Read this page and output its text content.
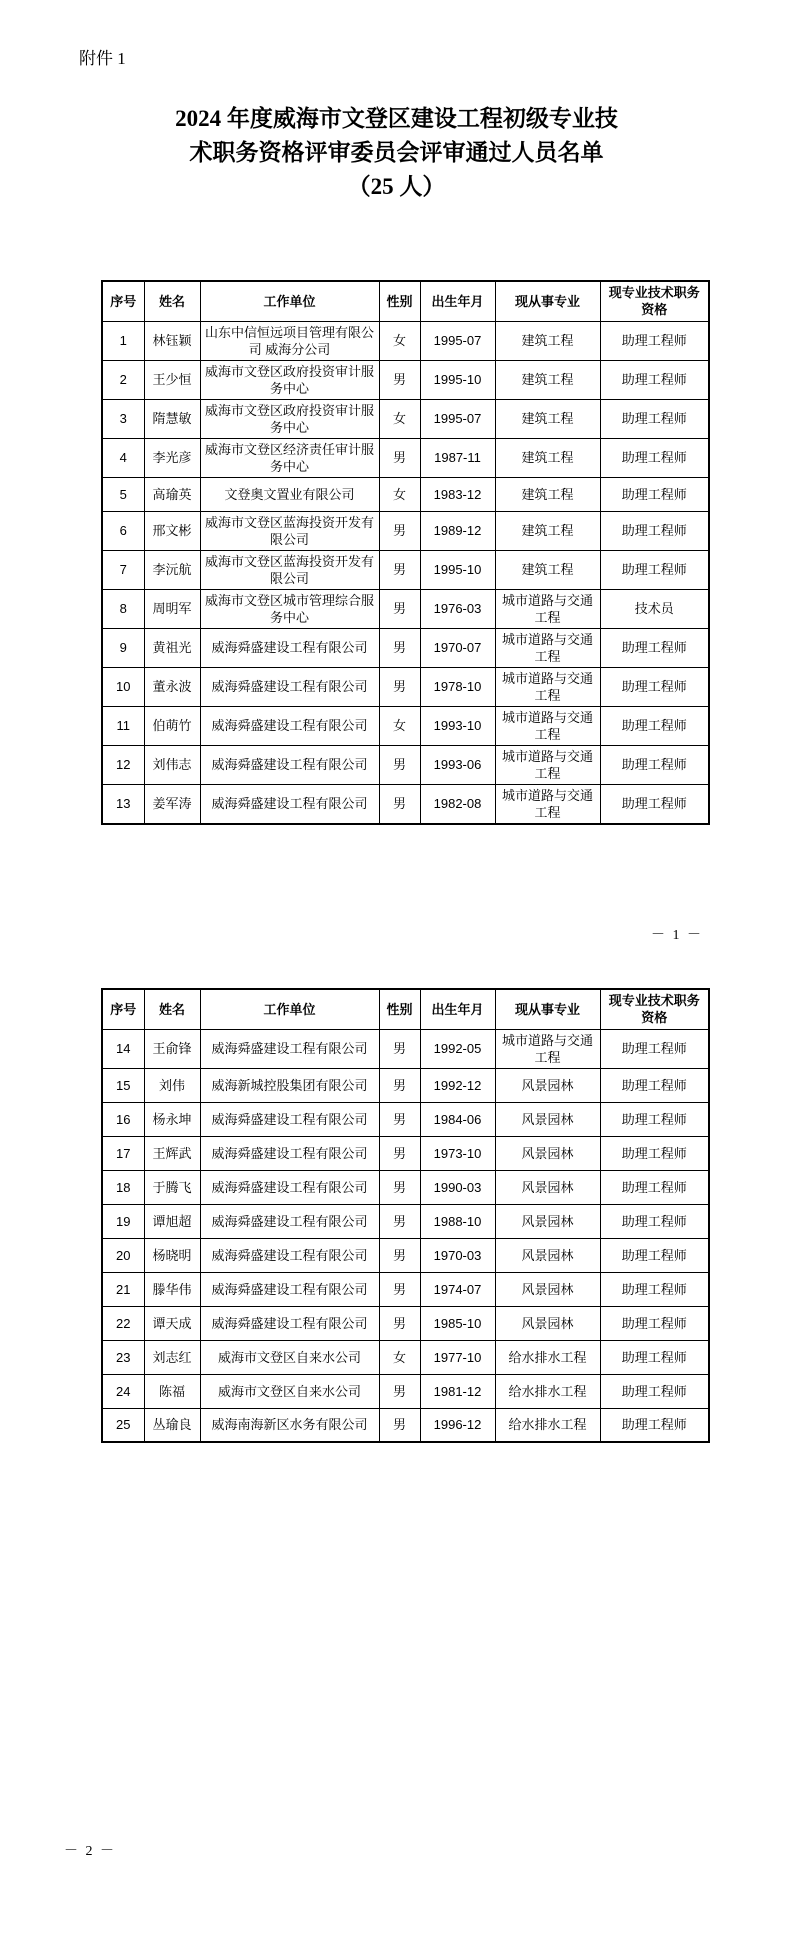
附件 1
2024 年度威海市文登区建设工程初级专业技
术职务资格评审委员会评审通过人员名单
（25 人）
序号	姓名	工作单位	性别	出生年月	现从事专业	现专业技术职务资格
1	林钰颖	山东中信恒远项目管理有限公司 威海分公司	女	1995-07	建筑工程	助理工程师
2	王少恒	威海市文登区政府投资审计服务中心	男	1995-10	建筑工程	助理工程师
3	隋慧敏	威海市文登区政府投资审计服务中心	女	1995-07	建筑工程	助理工程师
4	李光彦	威海市文登区经济责任审计服务中心	男	1987-11	建筑工程	助理工程师
5	高瑜英	文登奥文置业有限公司	女	1983-12	建筑工程	助理工程师
6	邢文彬	威海市文登区蓝海投资开发有限公司	男	1989-12	建筑工程	助理工程师
7	李沅航	威海市文登区蓝海投资开发有限公司	男	1995-10	建筑工程	助理工程师
8	周明军	威海市文登区城市管理综合服务中心	男	1976-03	城市道路与交通工程	技术员
9	黄祖光	威海舜盛建设工程有限公司	男	1970-07	城市道路与交通工程	助理工程师
10	董永波	威海舜盛建设工程有限公司	男	1978-10	城市道路与交通工程	助理工程师
11	伯萌竹	威海舜盛建设工程有限公司	女	1993-10	城市道路与交通工程	助理工程师
12	刘伟志	威海舜盛建设工程有限公司	男	1993-06	城市道路与交通工程	助理工程师
13	姜军涛	威海舜盛建设工程有限公司	男	1982-08	城市道路与交通工程	助理工程师
－ 1 －
序号	姓名	工作单位	性别	出生年月	现从事专业	现专业技术职务资格
14	王俞锋	威海舜盛建设工程有限公司	男	1992-05	城市道路与交通工程	助理工程师
15	刘伟	威海新城控股集团有限公司	男	1992-12	风景园林	助理工程师
16	杨永坤	威海舜盛建设工程有限公司	男	1984-06	风景园林	助理工程师
17	王辉武	威海舜盛建设工程有限公司	男	1973-10	风景园林	助理工程师
18	于腾飞	威海舜盛建设工程有限公司	男	1990-03	风景园林	助理工程师
19	谭旭超	威海舜盛建设工程有限公司	男	1988-10	风景园林	助理工程师
20	杨晓明	威海舜盛建设工程有限公司	男	1970-03	风景园林	助理工程师
21	滕华伟	威海舜盛建设工程有限公司	男	1974-07	风景园林	助理工程师
22	谭天成	威海舜盛建设工程有限公司	男	1985-10	风景园林	助理工程师
23	刘志红	威海市文登区自来水公司	女	1977-10	给水排水工程	助理工程师
24	陈福	威海市文登区自来水公司	男	1981-12	给水排水工程	助理工程师
25	丛瑜良	威海南海新区水务有限公司	男	1996-12	给水排水工程	助理工程师
－ 2 －
